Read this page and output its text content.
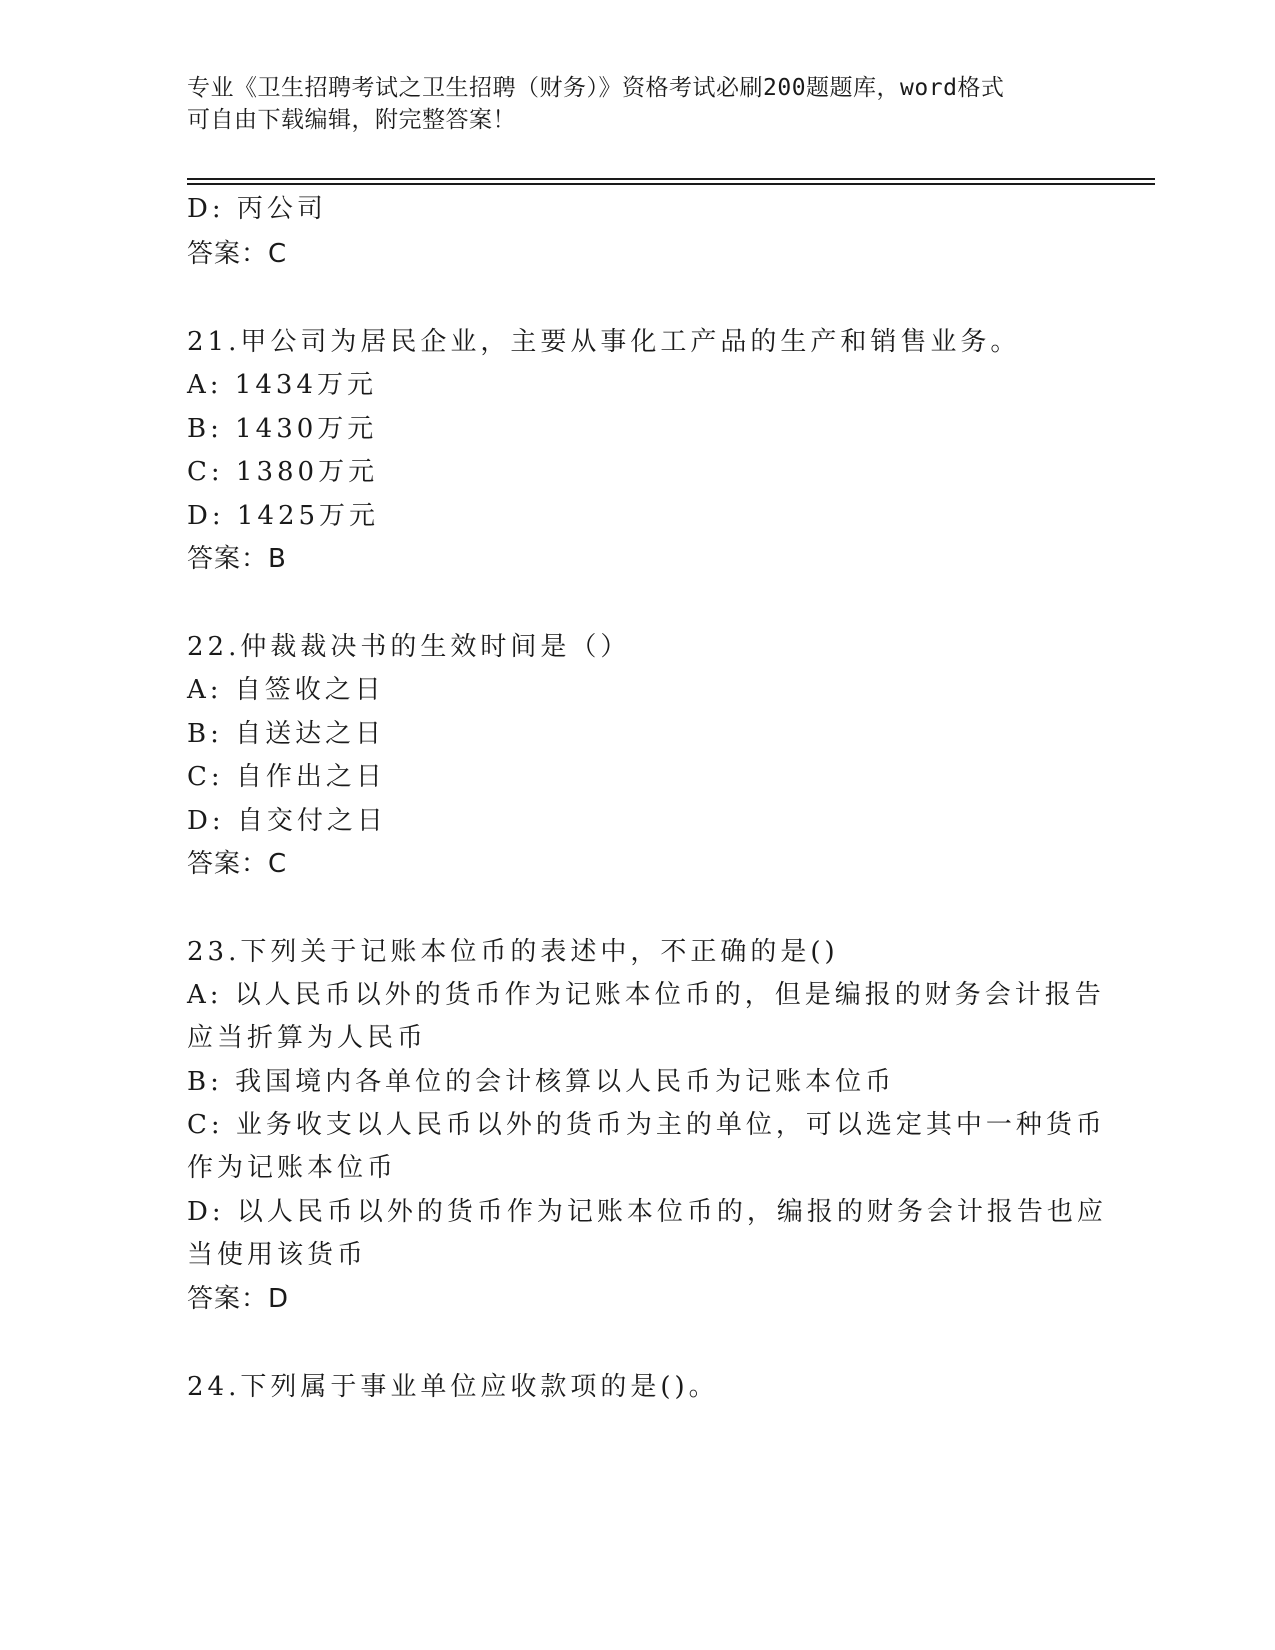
专业《卫生招聘考试之卫生招聘（财务）》资格考试必刷200题题库，word格式
可自由下载编辑，附完整答案！
D: 丙公司
答案：C
21.甲公司为居民企业，主要从事化工产品的生产和销售业务。
A: 1434万元
B: 1430万元
C: 1380万元
D: 1425万元
答案：B
22.仲裁裁决书的生效时间是（）
A: 自签收之日
B: 自送达之日
C: 自作出之日
D: 自交付之日
答案：C
23.下列关于记账本位币的表述中，不正确的是()
A: 以人民币以外的货币作为记账本位币的，但是编报的财务会计报告
应当折算为人民币
B: 我国境内各单位的会计核算以人民币为记账本位币
C: 业务收支以人民币以外的货币为主的单位，可以选定其中一种货币
作为记账本位币
D: 以人民币以外的货币作为记账本位币的，编报的财务会计报告也应
当使用该货币
答案：D
24.下列属于事业单位应收款项的是()。
